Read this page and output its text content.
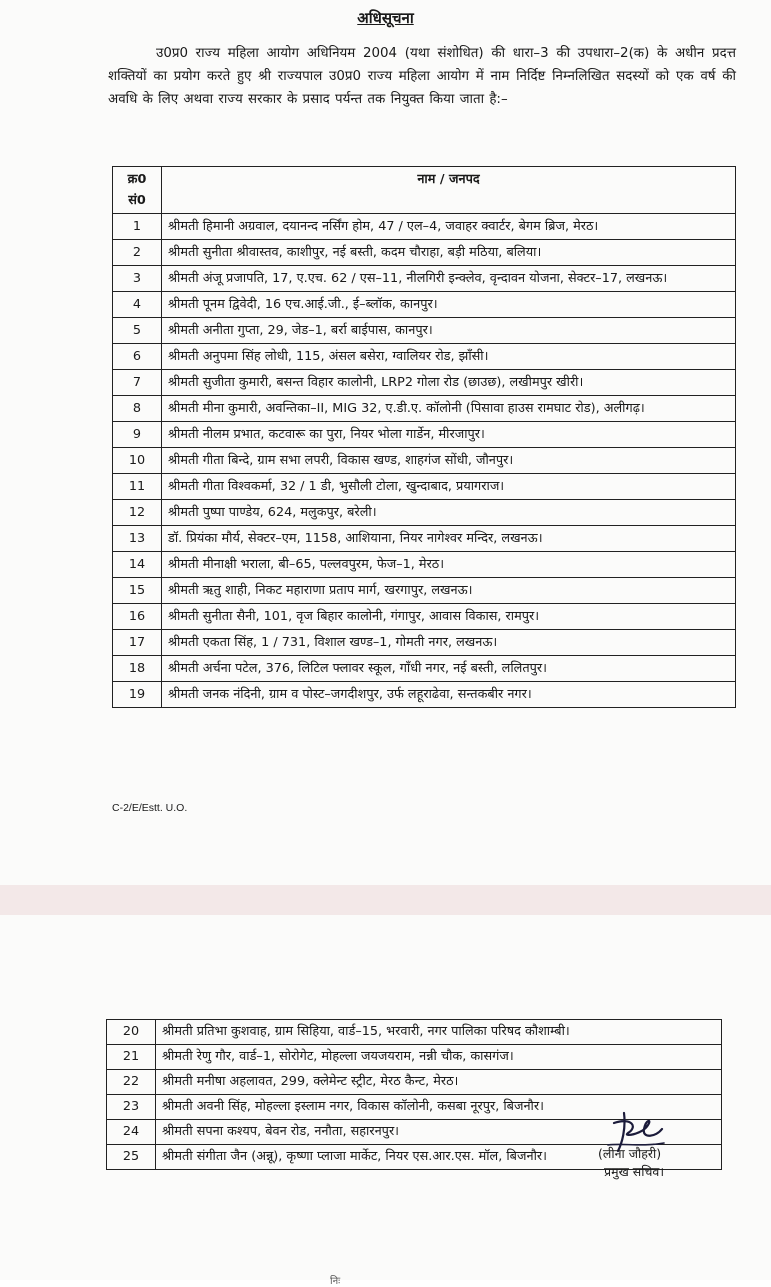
अधिसूचना
उ0प्र0 राज्य महिला आयोग अधिनियम 2004 (यथा संशोधित) की धारा–3 की उपधारा–2(क) के अधीन प्रदत्त शक्तियों का प्रयोग करते हुए श्री राज्यपाल उ0प्र0 राज्य महिला आयोग में नाम निर्दिष्ट निम्नलिखित सदस्यों को एक वर्ष की अवधि के लिए अथवा राज्य सरकार के प्रसाद पर्यन्त तक नियुक्त किया जाता है:–
क्र0 सं0	नाम / जनपद
1	श्रीमती हिमानी अग्रवाल, दयानन्द नर्सिंग होम, 47 / एल–4, जवाहर क्वार्टर, बेगम ब्रिज, मेरठ।
2	श्रीमती सुनीता श्रीवास्तव, काशीपुर, नई बस्ती, कदम चौराहा, बड़ी मठिया, बलिया।
3	श्रीमती अंजू प्रजापति, 17, ए.एच. 62 / एस–11, नीलगिरी इन्क्लेव, वृन्दावन योजना, सेक्टर–17, लखनऊ।
4	श्रीमती पूनम द्विवेदी, 16 एच.आई.जी., ई–ब्लॉक, कानपुर।
5	श्रीमती अनीता गुप्ता, 29, जेड–1, बर्रा बाईपास, कानपुर।
6	श्रीमती अनुपमा सिंह लोधी, 115, अंसल बसेरा, ग्वालियर रोड, झाँसी।
7	श्रीमती सुजीता कुमारी, बसन्त विहार कालोनी, LRP2 गोला रोड (छाउछ), लखीमपुर खीरी।
8	श्रीमती मीना कुमारी, अवन्तिका–II, MIG 32, ए.डी.ए. कॉलोनी (पिसावा हाउस रामघाट रोड), अलीगढ़।
9	श्रीमती नीलम प्रभात, कटवारू का पुरा, नियर भोला गार्डेन, मीरजापुर।
10	श्रीमती गीता बिन्दे, ग्राम सभा लपरी, विकास खण्ड, शाहगंज सोंधी, जौनपुर।
11	श्रीमती गीता विश्वकर्मा, 32 / 1 डी, भुसौली टोला, खुन्दाबाद, प्रयागराज।
12	श्रीमती पुष्पा पाण्डेय, 624, मलुकपुर, बरेली।
13	डॉ. प्रियंका मौर्य, सेक्टर–एम, 1158, आशियाना, नियर नागेश्वर मन्दिर, लखनऊ।
14	श्रीमती मीनाक्षी भराला, बी–65, पल्लवपुरम, फेज–1, मेरठ।
15	श्रीमती ऋतु शाही, निकट महाराणा प्रताप मार्ग, खरगापुर, लखनऊ।
16	श्रीमती सुनीता सैनी, 101, वृज बिहार कालोनी, गंगापुर, आवास विकास, रामपुर।
17	श्रीमती एकता सिंह, 1 / 731, विशाल खण्ड–1, गोमती नगर, लखनऊ।
18	श्रीमती अर्चना पटेल, 376, लिटिल फ्लावर स्कूल, गाँधी नगर, नई बस्ती, ललितपुर।
19	श्रीमती जनक नंदिनी, ग्राम व पोस्ट–जगदीशपुर, उर्फ लहूराढेवा, सन्तकबीर नगर।
C-2/E/Estt. U.O.
20	श्रीमती प्रतिभा कुशवाह, ग्राम सिहिया, वार्ड–15, भरवारी, नगर पालिका परिषद कौशाम्बी।
21	श्रीमती रेणु गौर, वार्ड–1, सोरोगेट, मोहल्ला जयजयराम, नन्नी चौक, कासगंज।
22	श्रीमती मनीषा अहलावत, 299, क्लेमेन्ट स्ट्रीट, मेरठ कैन्ट, मेरठ।
23	श्रीमती अवनी सिंह, मोहल्ला इस्लाम नगर, विकास कॉलोनी, कसबा नूरपुर, बिजनौर।
24	श्रीमती सपना कश्यप, बेवन रोड, ननौता, सहारनपुर।
25	श्रीमती संगीता जैन (अन्नू), कृष्णा प्लाजा मार्केट, नियर एस.आर.एस. मॉल, बिजनौर।	(लीना जौहरी)
प्रमुख सचिव।
निः
